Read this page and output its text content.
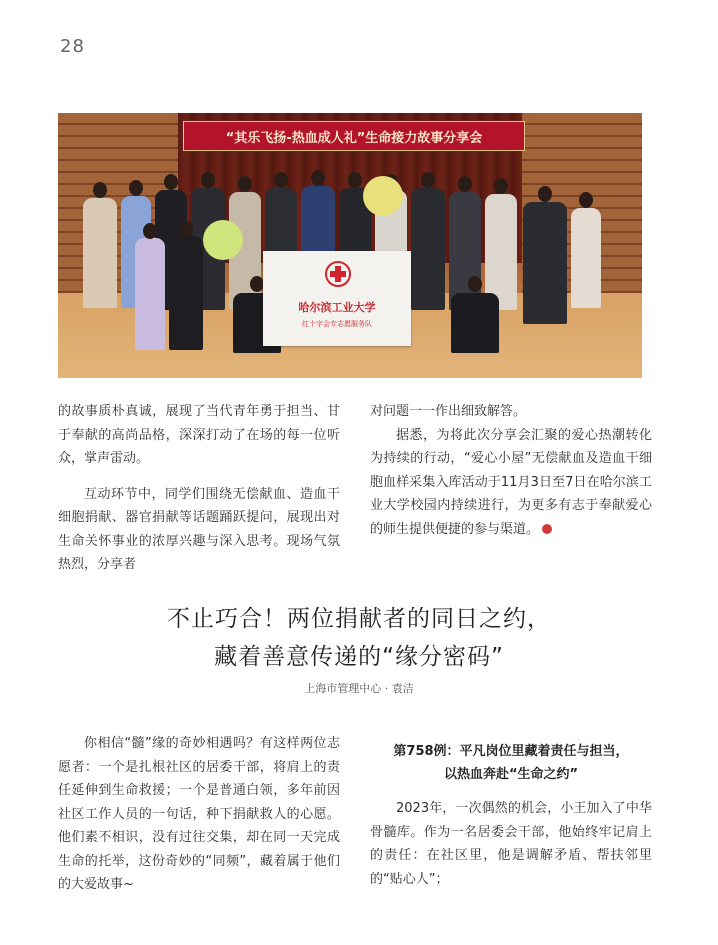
28
“其乐飞扬-热血成人礼”生命接力故事分享会
哈尔滨工业大学
红十字会专志愿服务队

的故事质朴真诚，展现了当代青年勇于担当、甘于奉献的高尚品格，深深打动了在场的每一位听众，掌声雷动。

互动环节中，同学们围绕无偿献血、造血干细胞捐献、器官捐献等话题踊跃提问，展现出对生命关怀事业的浓厚兴趣与深入思考。现场气氛热烈，分享者

对问题一一作出细致解答。

据悉，为将此次分享会汇聚的爱心热潮转化为持续的行动，“爱心小屋”无偿献血及造血干细胞血样采集入库活动于11月3日至7日在哈尔滨工业大学校园内持续进行，为更多有志于奉献爱心的师生提供便捷的参与渠道。

不止巧合！两位捐献者的同日之约，
藏着善意传递的“缘分密码”
上海市管理中心 · 袁洁

你相信“髓”缘的奇妙相遇吗？有这样两位志愿者：一个是扎根社区的居委干部，将肩上的责任延伸到生命救援；一个是普通白领，多年前因社区工作人员的一句话，种下捐献救人的心愿。他们素不相识，没有过往交集，却在同一天完成生命的托举，这份奇妙的“同频”，藏着属于他们的大爱故事~

第758例：平凡岗位里藏着责任与担当，
以热血奔赴“生命之约”

2023年，一次偶然的机会，小王加入了中华骨髓库。作为一名居委会干部，他始终牢记肩上的责任：在社区里，他是调解矛盾、帮扶邻里的“贴心人”；
